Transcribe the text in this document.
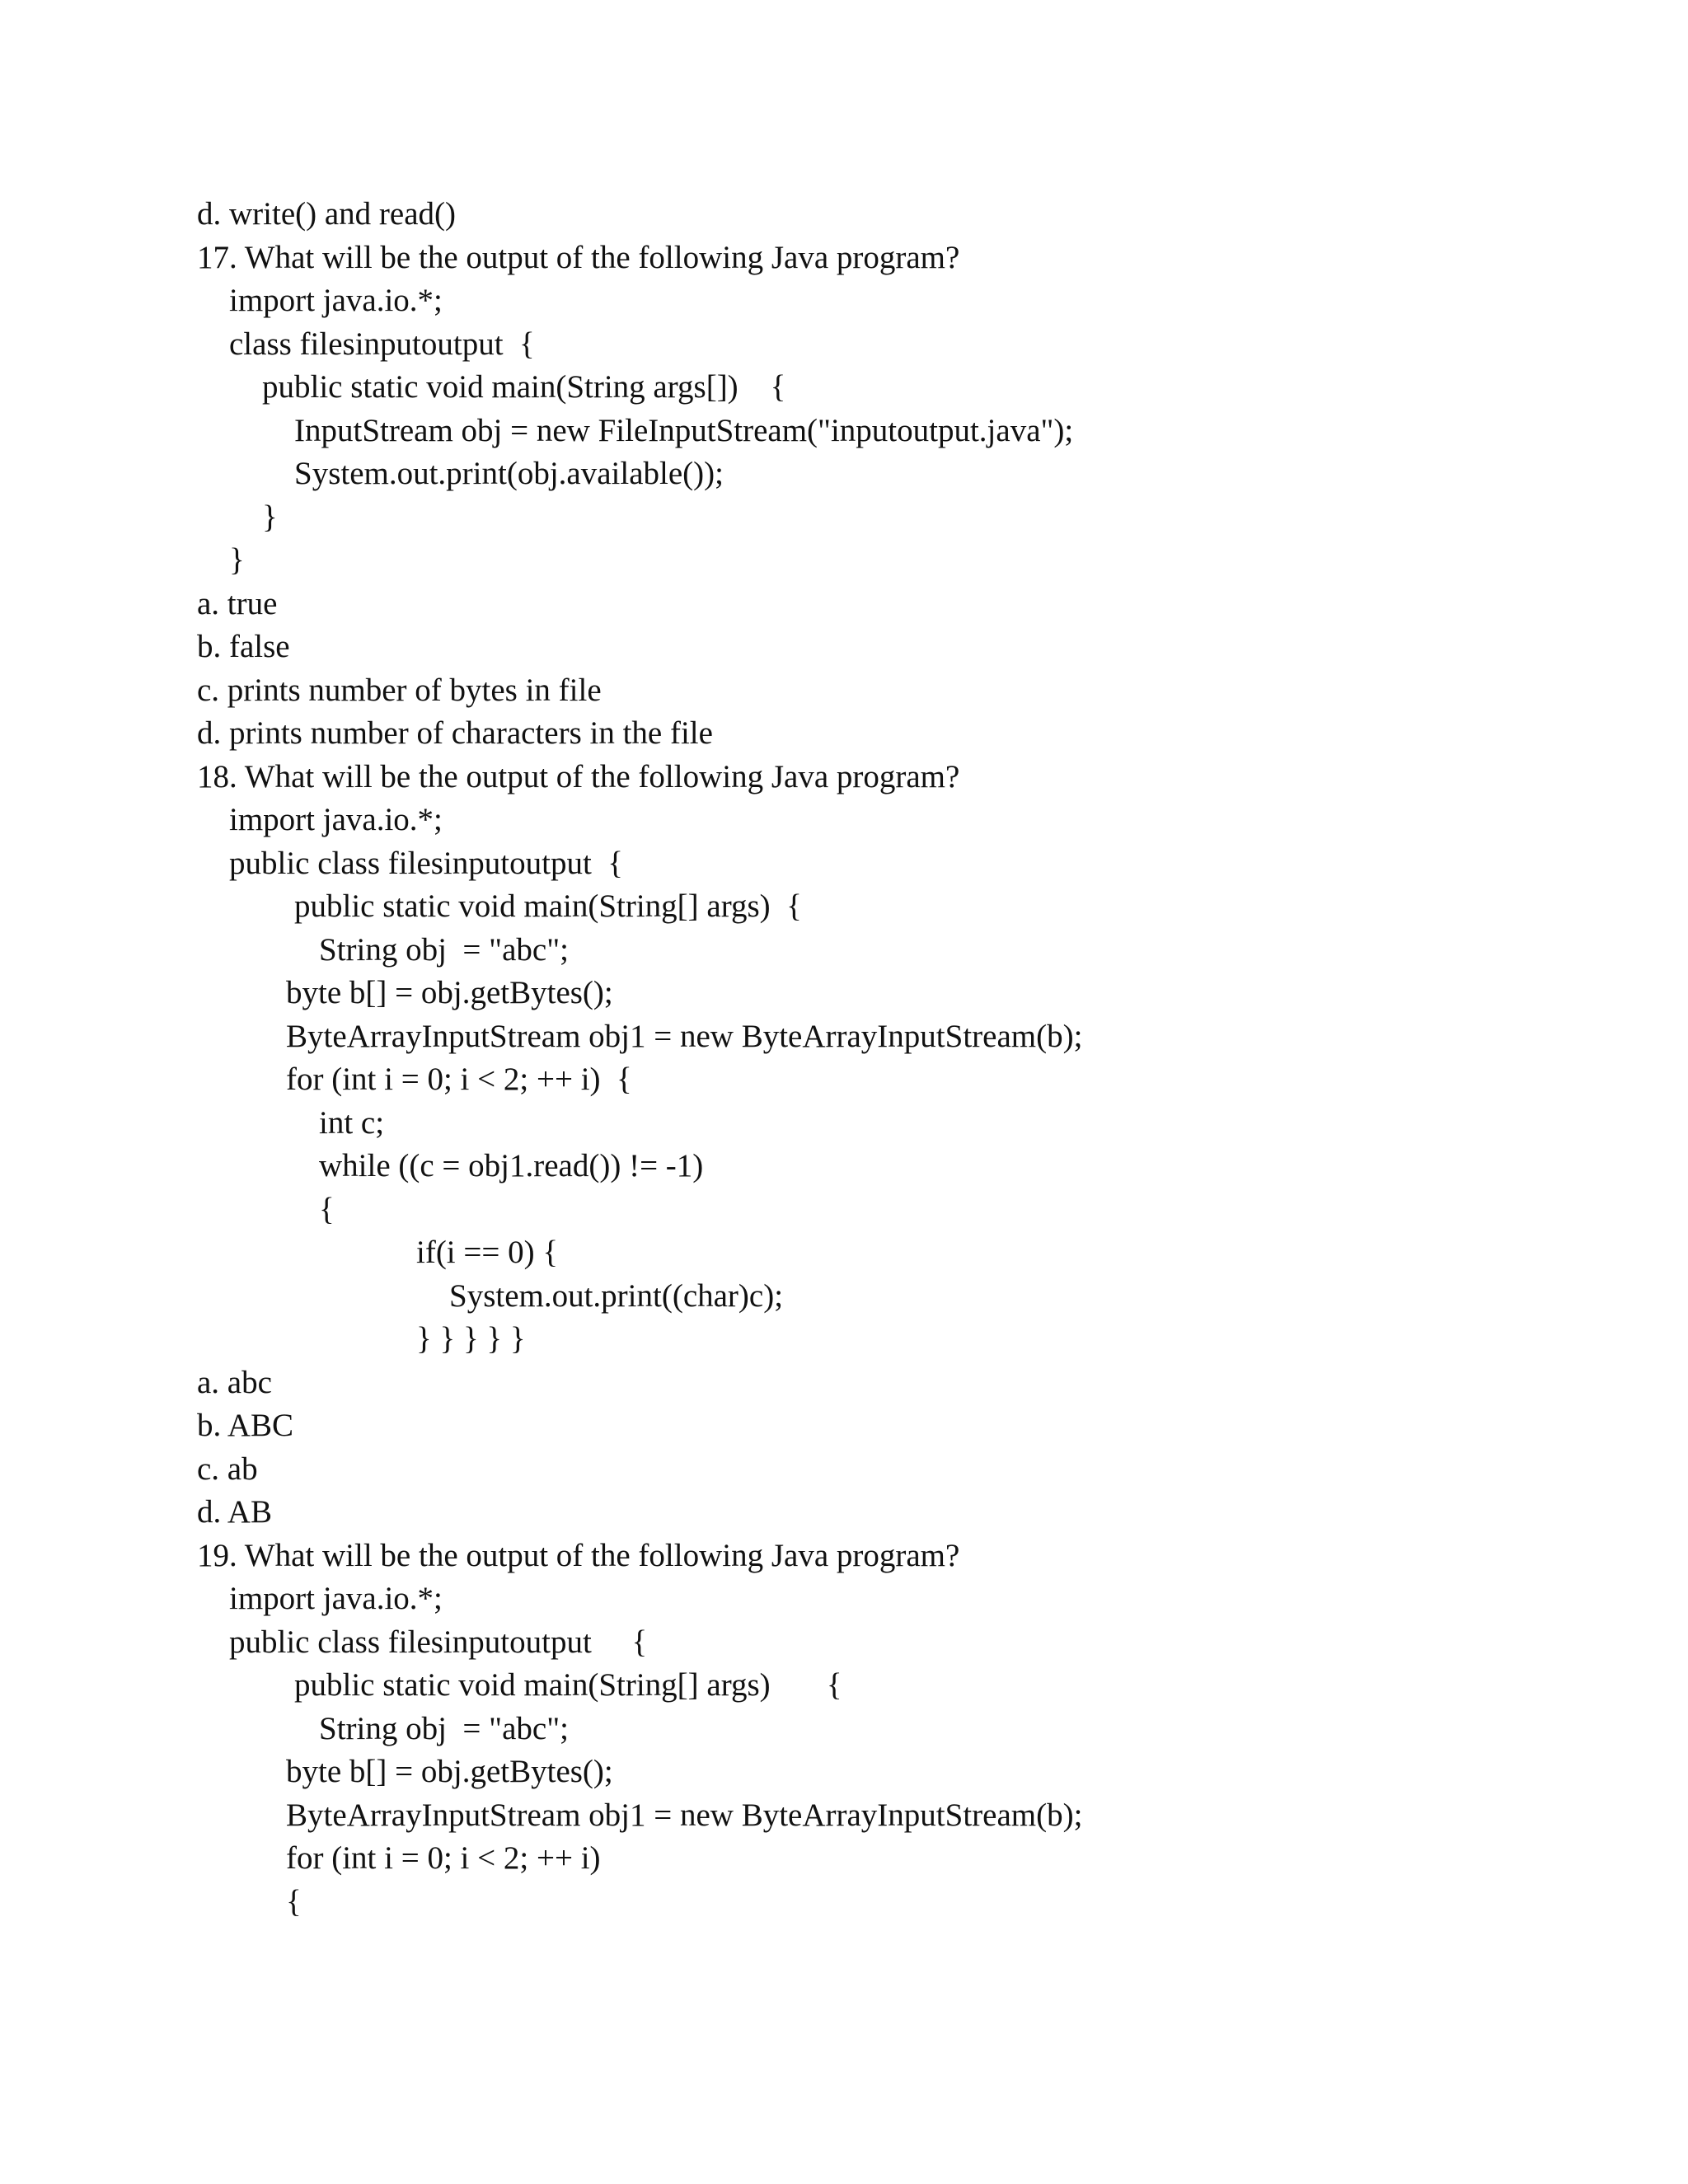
d. write() and read()
17. What will be the output of the following Java program?
import java.io.*;
class filesinputoutput  {
public static void main(String args[])    {
InputStream obj = new FileInputStream("inputoutput.java");
System.out.print(obj.available());
}
}
a. true
b. false
c. prints number of bytes in file
d. prints number of characters in the file
18. What will be the output of the following Java program?
import java.io.*;
public class filesinputoutput  {
public static void main(String[] args)  {
String obj  = "abc";
byte b[] = obj.getBytes();
ByteArrayInputStream obj1 = new ByteArrayInputStream(b);
for (int i = 0; i < 2; ++ i)  {
int c;
while ((c = obj1.read()) != -1)
{
if(i == 0) {
System.out.print((char)c);
} } } } }
a. abc
b. ABC
c. ab
d. AB
19. What will be the output of the following Java program?
import java.io.*;
public class filesinputoutput     {
public static void main(String[] args)       {
String obj  = "abc";
byte b[] = obj.getBytes();
ByteArrayInputStream obj1 = new ByteArrayInputStream(b);
for (int i = 0; i < 2; ++ i)
{
